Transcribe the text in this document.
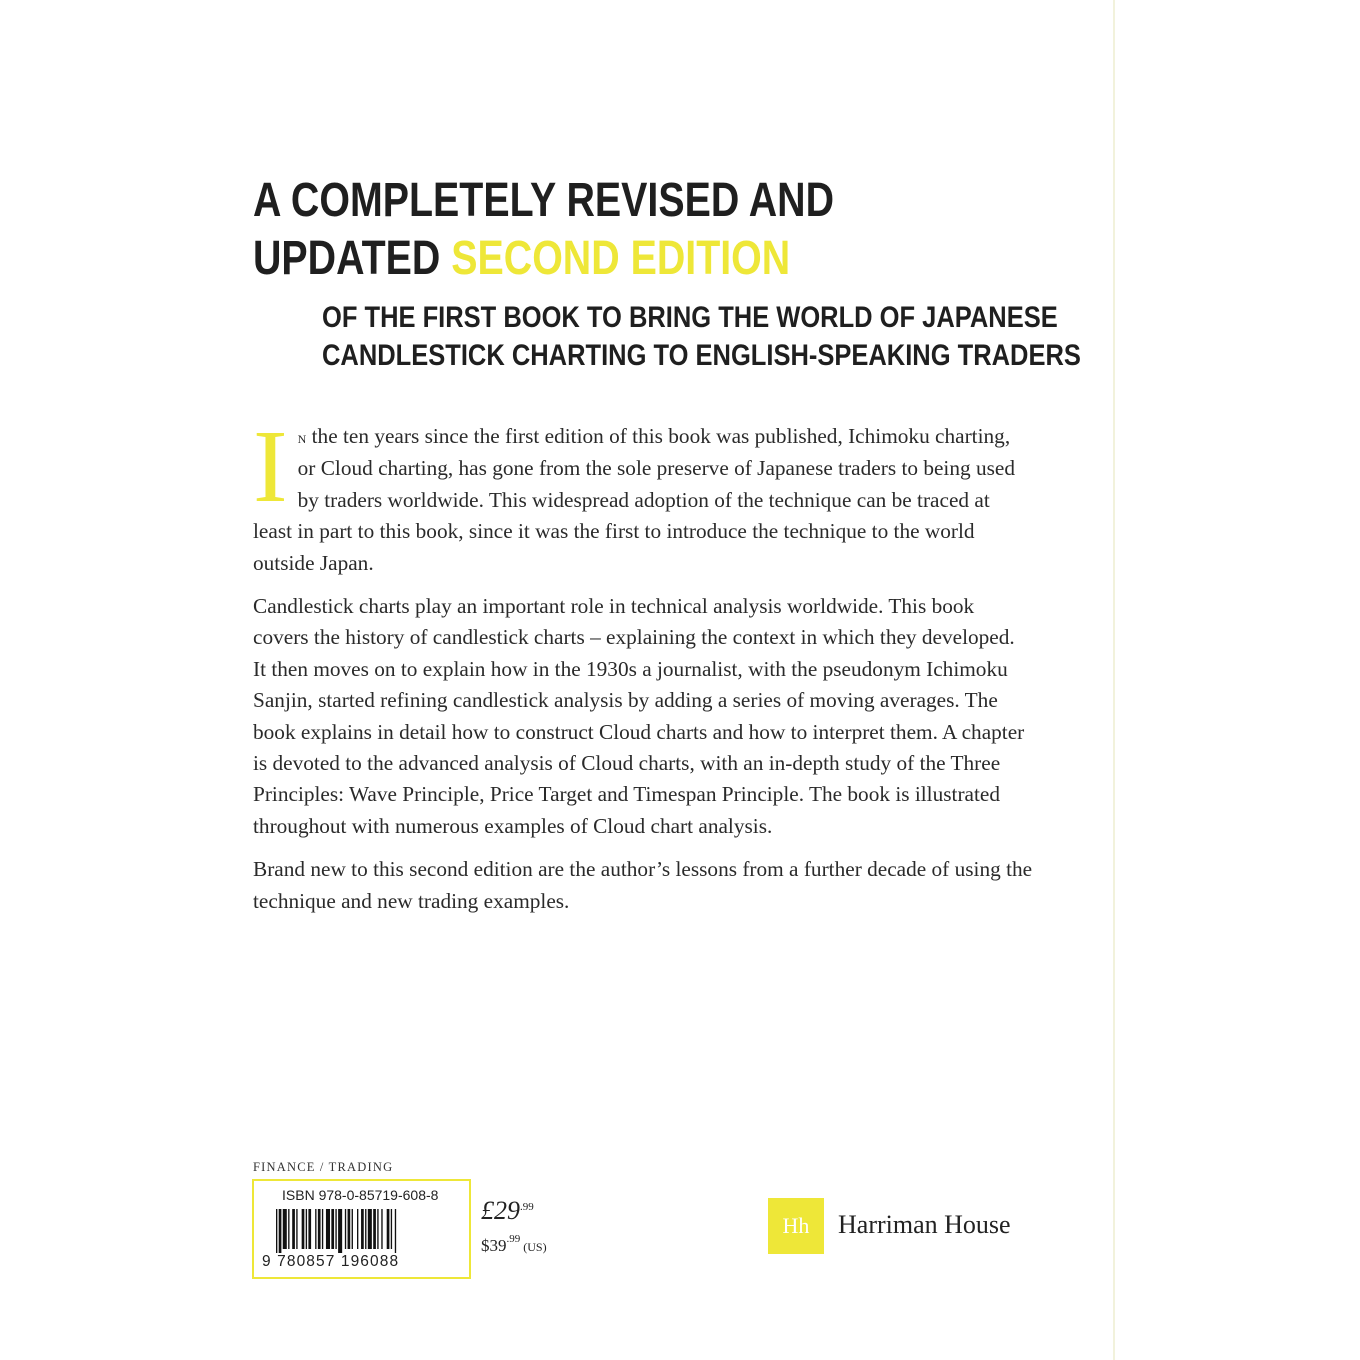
A COMPLETELY REVISED AND
UPDATED SECOND EDITION
OF THE FIRST BOOK TO BRING THE WORLD OF JAPANESE
CANDLESTICK CHARTING TO ENGLISH-SPEAKING TRADERS

In the ten years since the first edition of this book was published, Ichimoku charting, or Cloud charting, has gone from the sole preserve of Japanese traders to being used by traders worldwide. This widespread adoption of the technique can be traced at least in part to this book, since it was the first to introduce the technique to the world outside Japan.

Candlestick charts play an important role in technical analysis worldwide. This book covers the history of candlestick charts – explaining the context in which they developed. It then moves on to explain how in the 1930s a journalist, with the pseudonym Ichimoku Sanjin, started refining candlestick analysis by adding a series of moving averages. The book explains in detail how to construct Cloud charts and how to interpret them. A chapter is devoted to the advanced analysis of Cloud charts, with an in-depth study of the Three Principles: Wave Principle, Price Target and Timespan Principle. The book is illustrated throughout with numerous examples of Cloud chart analysis.

Brand new to this second edition are the author’s lessons from a further decade of using the technique and new trading examples.

FINANCE / TRADING
ISBN 978-0-85719-608-8
9 780857 196088
$£29^{.99}$
$\$39^{.99}$ (US)
Hh	Harriman House
